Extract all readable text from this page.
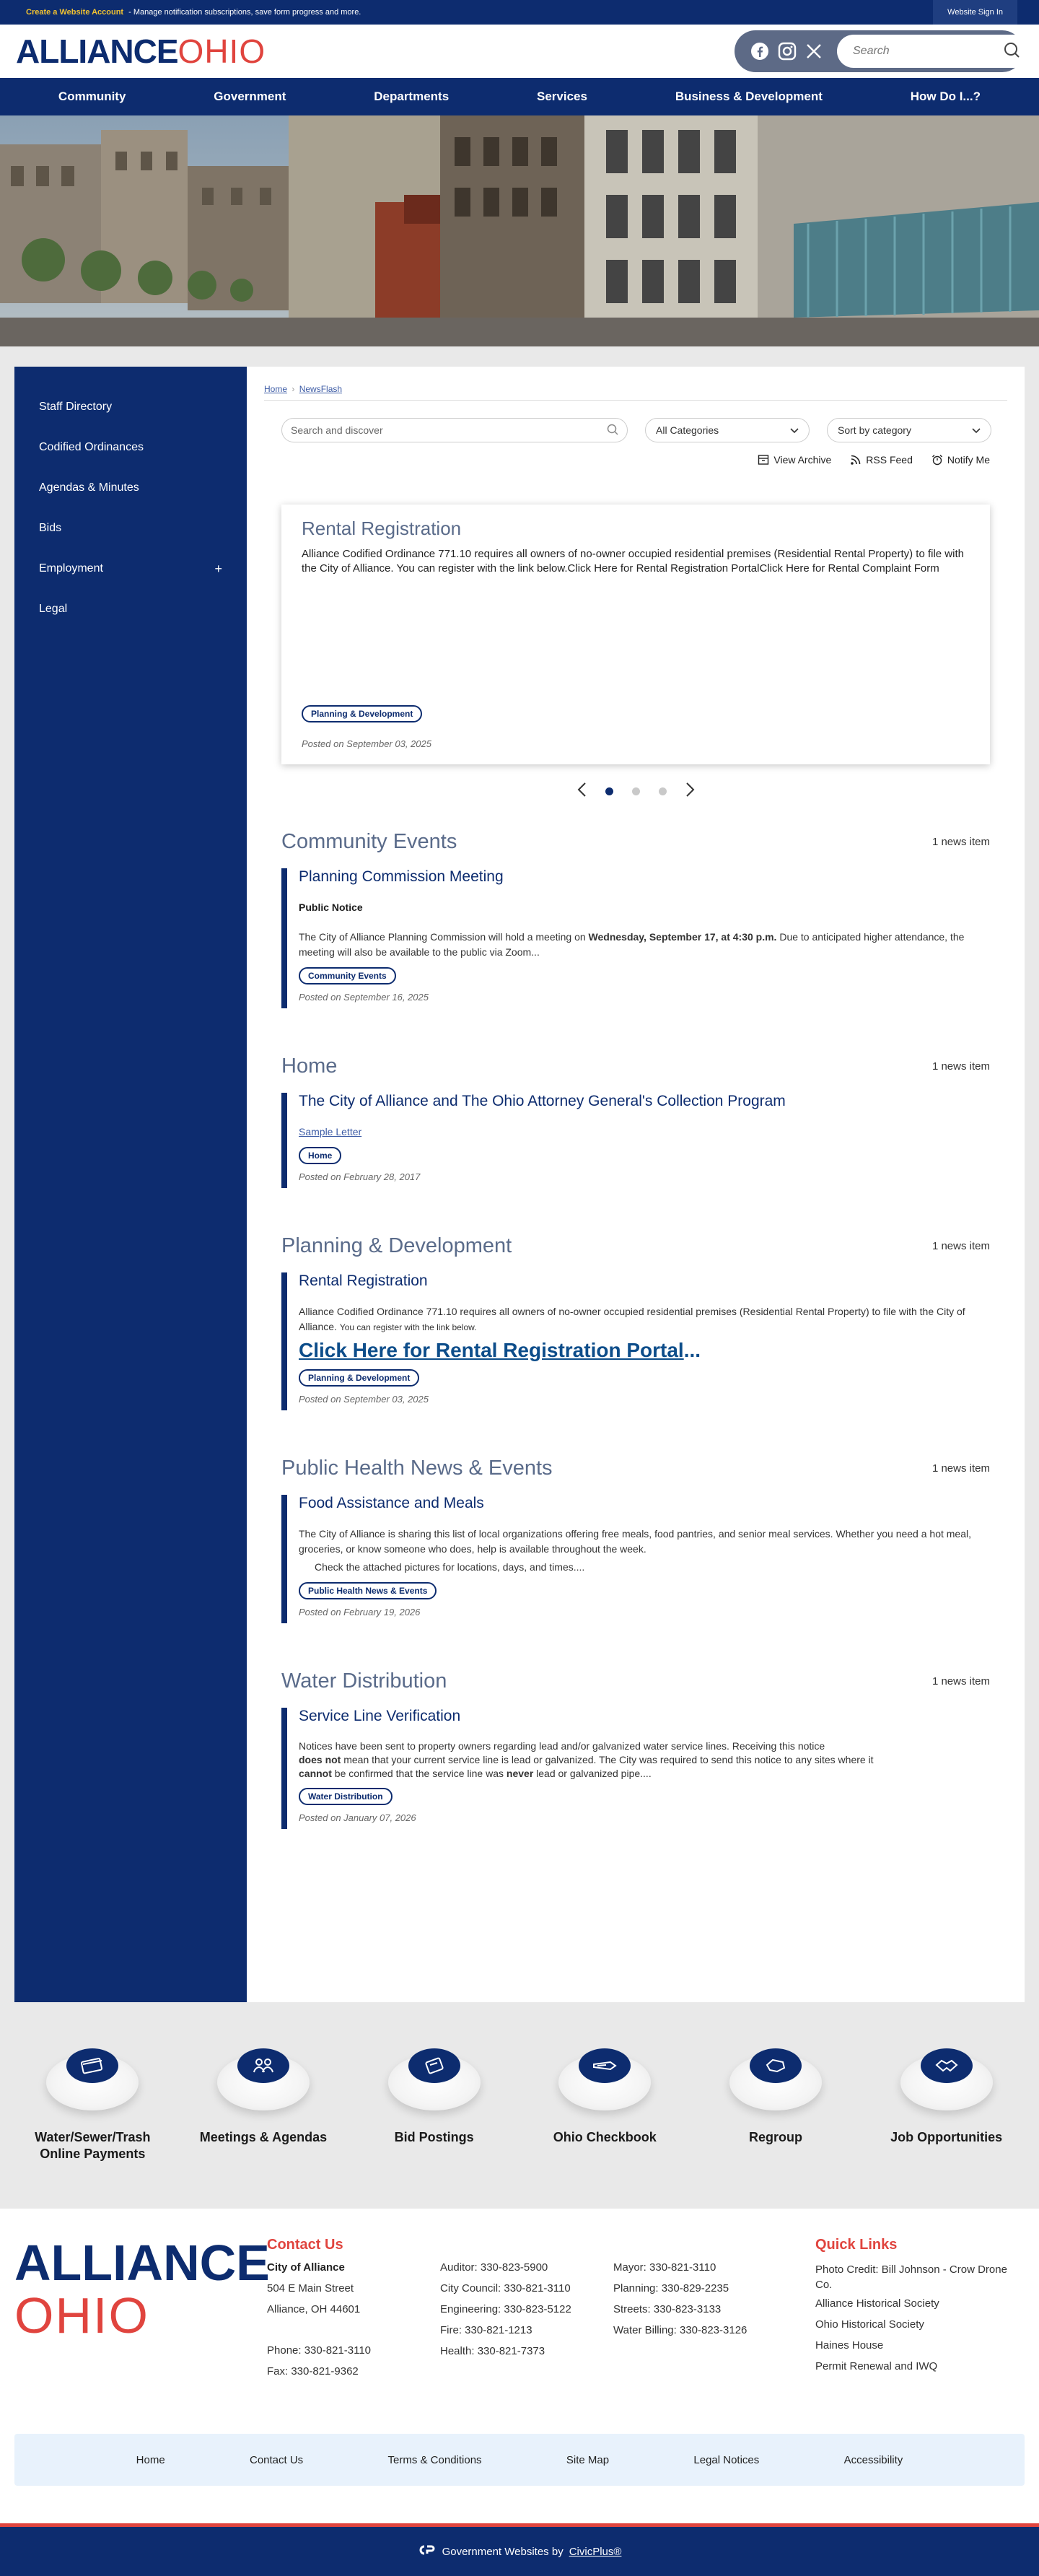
Create a Website Account - Manage notification subscriptions, save form progress and more.	Website Sign In
ALLIANCE OHIO
Search
Community	Government	Departments	Services	Business & Development	How Do I...?
Staff Directory
Codified Ordinances
Agendas & Minutes
Bids
Employment	+
Legal
Home › NewsFlash
Search and discover	All Categories	Sort by category
View Archive	RSS Feed	Notify Me
Rental Registration

Alliance Codified Ordinance 771.10 requires all owners of no-owner occupied residential premises (Residential Rental Property) to file with the City of Alliance. You can register with the link below.Click Here for Rental Registration PortalClick Here for Rental Complaint Form

Planning & Development
Posted on September 03, 2025
Community Events	1 news item
Planning Commission Meeting

Public Notice

The City of Alliance Planning Commission will hold a meeting on Wednesday, September 17, at 4:30 p.m. Due to anticipated higher attendance, the meeting will also be available to the public via Zoom...

Community Events
Posted on September 16, 2025
Home	1 news item
The City of Alliance and The Ohio Attorney General's Collection Program

Sample Letter

Home
Posted on February 28, 2017
Planning & Development	1 news item
Rental Registration

Alliance Codified Ordinance 771.10 requires all owners of no-owner occupied residential premises (Residential Rental Property) to file with the City of Alliance. You can register with the link below.

Click Here for Rental Registration Portal...

Planning & Development
Posted on September 03, 2025
Public Health News & Events	1 news item
Food Assistance and Meals

The City of Alliance is sharing this list of local organizations offering free meals, food pantries, and senior meal services. Whether you need a hot meal, groceries, or know someone who does, help is available throughout the week.

Check the attached pictures for locations, days, and times....

Public Health News & Events
Posted on February 19, 2026
Water Distribution	1 news item
Service Line Verification

Notices have been sent to property owners regarding lead and/or galvanized water service lines. Receiving this notice
does not mean that your current service line is lead or galvanized. The City was required to send this notice to any sites where it
cannot be confirmed that the service line was never lead or galvanized pipe....

Water Distribution
Posted on January 07, 2026
Water/Sewer/Trash Online Payments
Meetings & Agendas	Bid Postings	Ohio Checkbook	Regroup	Job Opportunities
ALLIANCE
OHIO
Contact Us
City of Alliance
504 E Main Street
Alliance, OH 44601
Phone: 330-821-3110
Fax: 330-821-9362
Auditor: 330-823-5900
City Council: 330-821-3110
Engineering: 330-823-5122
Fire: 330-821-1213
Health: 330-821-7373
Mayor: 330-821-3110
Planning: 330-829-2235
Streets: 330-823-3133
Water Billing: 330-823-3126
Quick Links
Photo Credit: Bill Johnson - Crow Drone Co.
Alliance Historical Society
Ohio Historical Society
Haines House
Permit Renewal and IWQ
Home	Contact Us	Terms & Conditions	Site Map	Legal Notices	Accessibility
Government Websites by CivicPlus®
